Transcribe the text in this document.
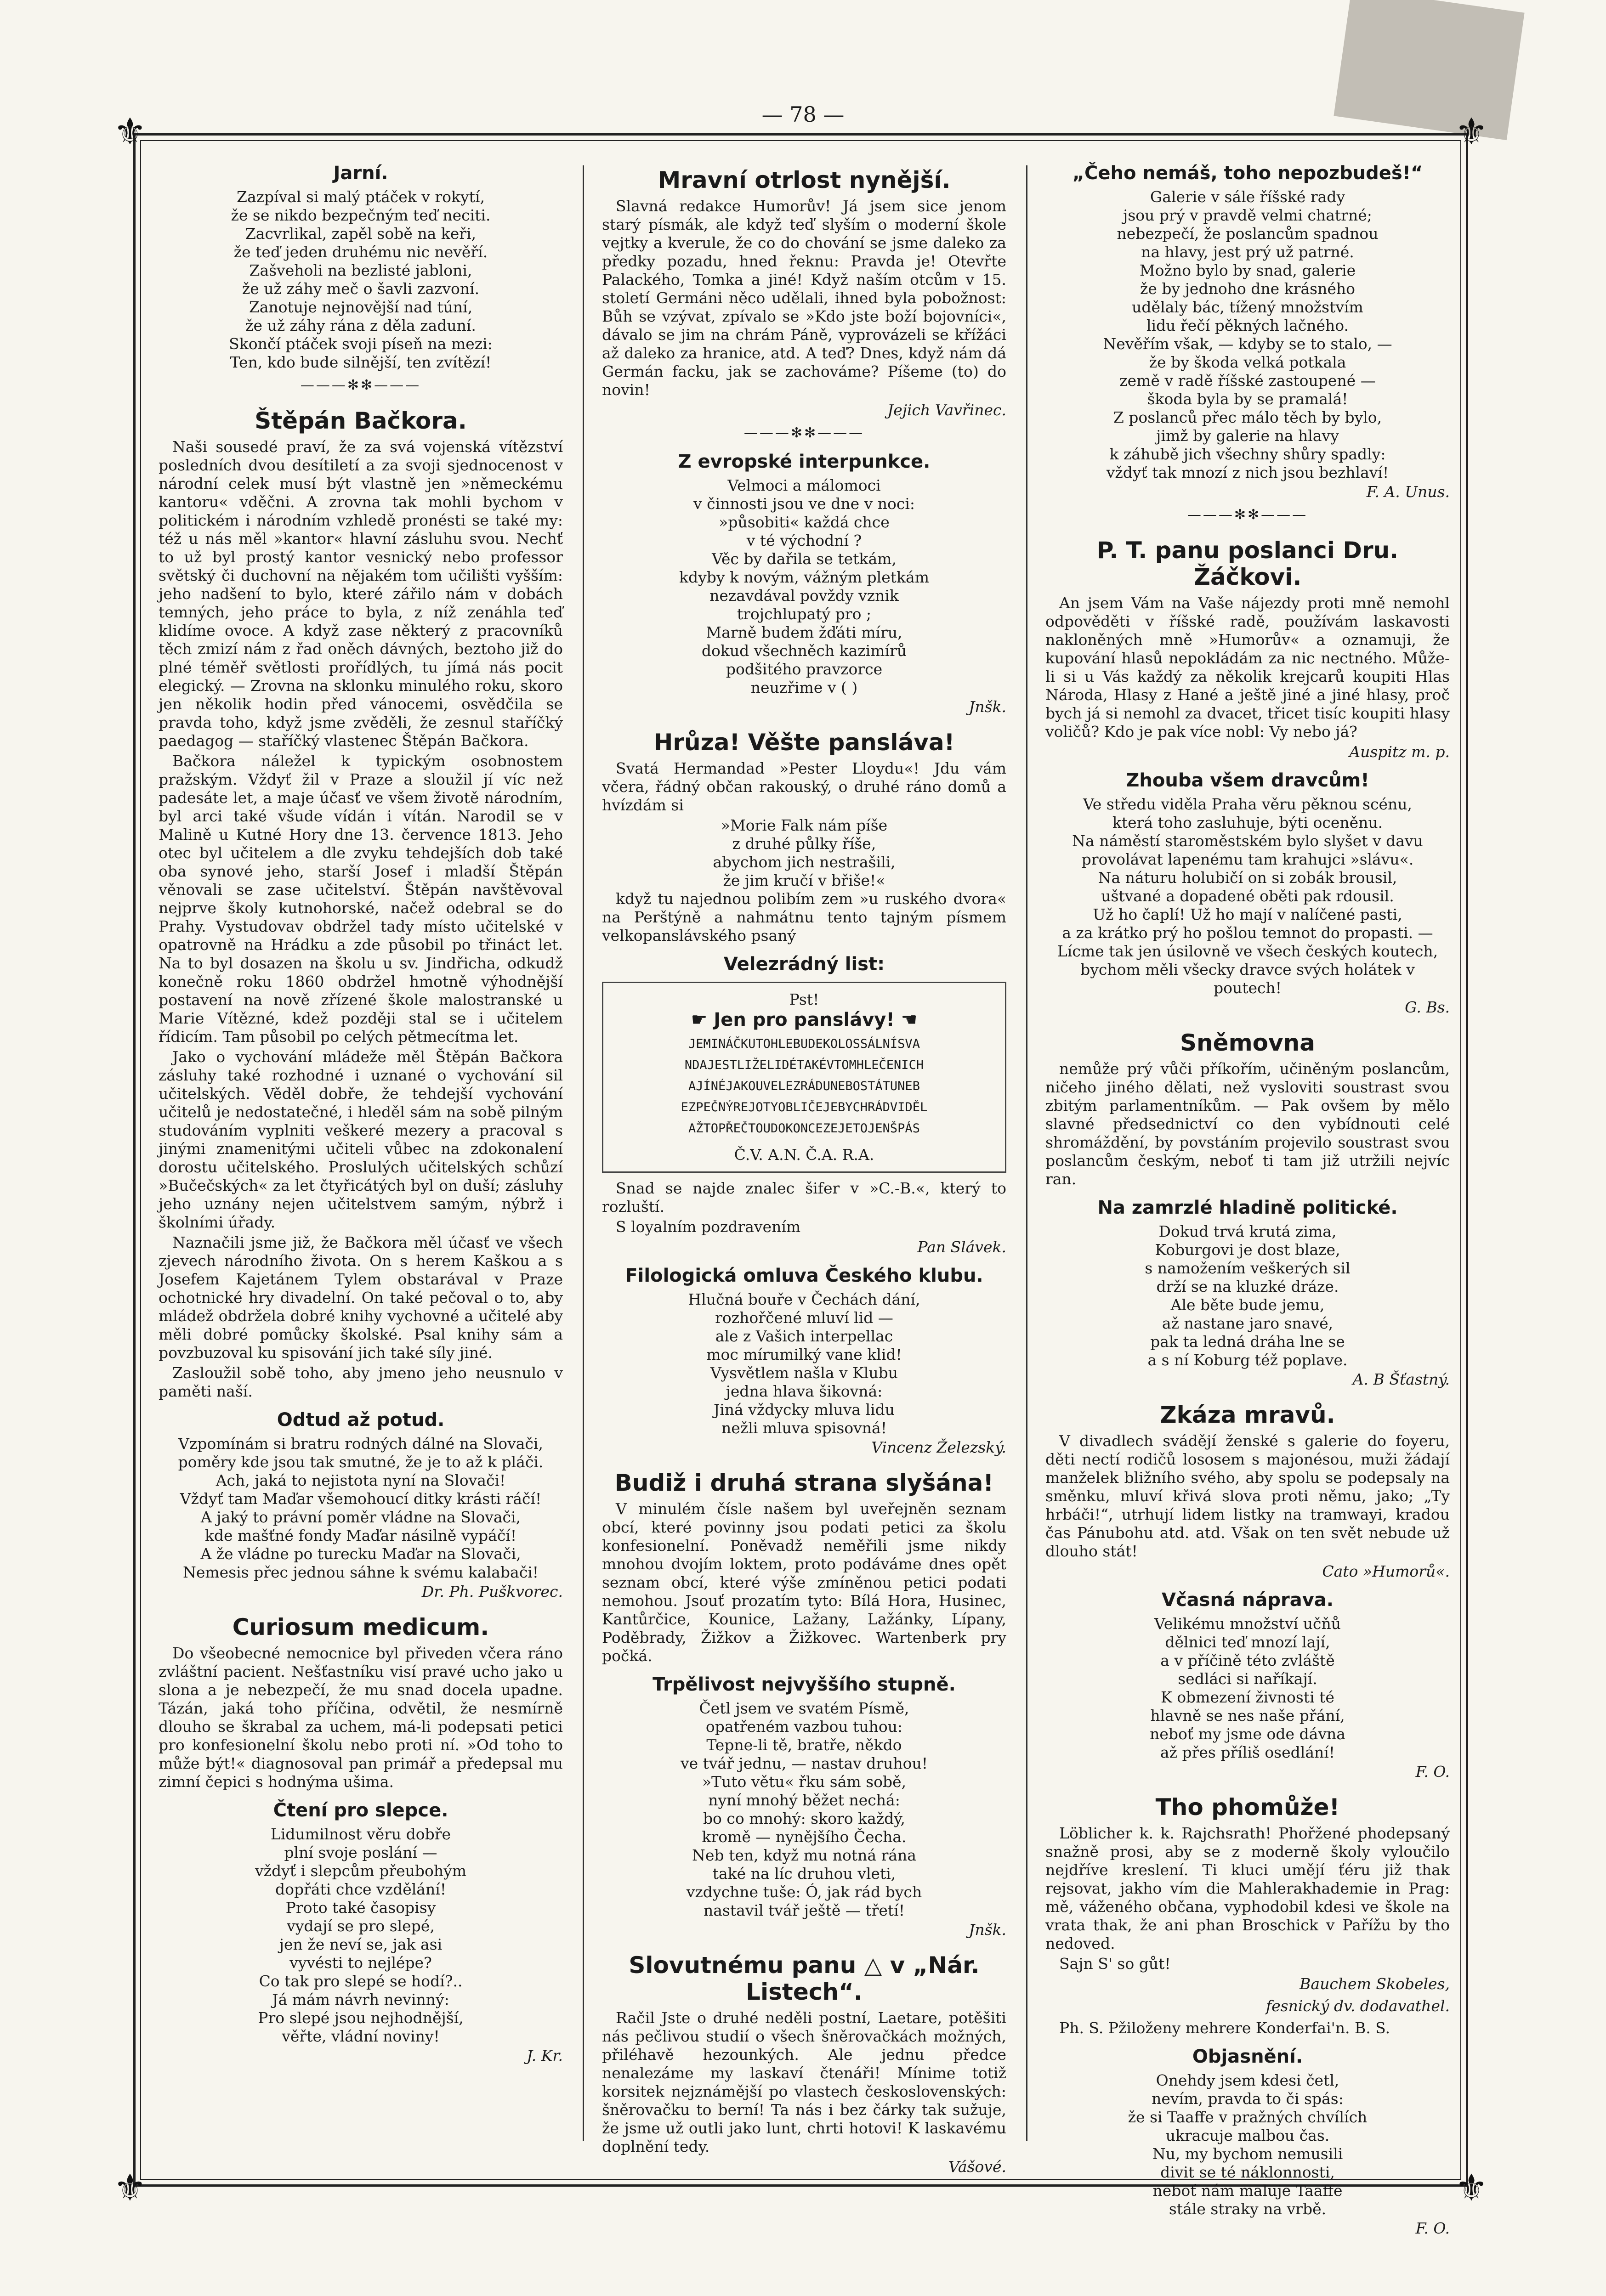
— 78 —
⚜	⚜
⚜	⚜
Jarní.

Zazpíval si malý ptáček v rokytí,

že se nikdo bezpečným teď neciti.

Zacvrlikal, zapěl sobě na keři,

že teď jeden druhému nic nevěří.

Zašveholi na bezlisté jabloni,

že už záhy meč o šavli zazvoní.

Zanotuje nejnovější nad túní,

že už záhy rána z děla zaduní.

Skončí ptáček svoji píseň na mezi:

Ten, kdo bude silnější, ten zvítězí!

———✻✻———
Štěpán Bačkora.

Naši sousedé praví, že za svá vojenská vítězství posledních dvou desítiletí a za svoji sjednocenost v národní celek musí být vlastně jen »německému kantoru« vděčni. A zrovna tak mohli bychom v politickém i národním vzhledě pronésti se také my: též u nás měl »kantor« hlavní zásluhu svou. Nechť to už byl prostý kantor vesnický nebo professor světský či duchovní na nějakém tom učilišti vyšším: jeho nadšení to bylo, které zářilo nám v dobách temných, jeho práce to byla, z níž zenáhla teď klidíme ovoce. A když zase některý z pracovníků těch zmizí nám z řad oněch dávných, beztoho již do plné téměř světlosti prořídlých, tu jímá nás pocit elegický. — Zrovna na sklonku minulého roku, skoro jen několik hodin před vánocemi, osvědčila se pravda toho, když jsme zvěděli, že zesnul staříčký paedagog — staříčký vlastenec Štěpán Bačkora.

Bačkora náležel k typickým osobnostem pražským. Vždyť žil v Praze a sloužil jí víc než padesáte let, a maje účasť ve všem životě národním, byl arci také všude vídán i vítán. Narodil se v Malině u Kutné Hory dne 13. července 1813. Jeho otec byl učitelem a dle zvyku tehdejších dob také oba synové jeho, starší Josef i mladší Štěpán věnovali se zase učitelství. Štěpán navštěvoval nejprve školy kutnohorské, načež odebral se do Prahy. Vystudovav obdržel tady místo učitelské v opatrovně na Hrádku a zde působil po třináct let. Na to byl dosazen na školu u sv. Jindřicha, odkudž konečně roku 1860 obdržel hmotně výhodnější postavení na nově zřízené škole malostranské u Marie Vítězné, kdež později stal se i učitelem řídicím. Tam působil po celých pětmecítma let.

Jako o vychování mládeže měl Štěpán Bačkora zásluhy také rozhodné i uznané o vychování sil učitelských. Věděl dobře, že tehdejší vychování učitelů je nedostatečné, i hleděl sám na sobě pilným studováním vyplniti veškeré mezery a pracoval s jinými znamenitými učiteli vůbec na zdokonalení dorostu učitelského. Proslulých učitelských schůzí »Bučečských« za let čtyřicátých byl on duší; zásluhy jeho uznány nejen učitelstvem samým, nýbrž i školními úřady.

Naznačili jsme již, že Bačkora měl účasť ve všech zjevech národního života. On s herem Kaškou a s Josefem Kajetánem Tylem obstarával v Praze ochotnické hry divadelní. On také pečoval o to, aby mládež obdržela dobré knihy vychovné a učitelé aby měli dobré pomůcky školské. Psal knihy sám a povzbuzoval ku spisování jich také síly jiné.

Zasloužil sobě toho, aby jmeno jeho neusnulo v paměti naší.

Odtud až potud.

Vzpomínám si bratru rodných dálné na Slovači,

poměry kde jsou tak smutné, že je to až k pláči.

Ach, jaká to nejistota nyní na Slovači!

Vždyť tam Maďar všemohoucí ditky krásti ráčí!

A jaký to právní poměr vládne na Slovači,

kde mašťné fondy Maďar násilně vypáčí!

A že vládne po turecku Maďar na Slovači,

Nemesis přec jednou sáhne k svému kalabači!

Dr. Ph. Puškvorec.
Curiosum medicum.

Do všeobecné nemocnice byl přiveden včera ráno zvláštní pacient. Nešťastníku visí pravé ucho jako u slona a je nebezpečí, že mu snad docela upadne. Tázán, jaká toho příčina, odvětil, že nesmírně dlouho se škrabal za uchem, má-li podepsati petici pro konfesionelní školu nebo proti ní. »Od toho to může být!« diagnosoval pan primář a předepsal mu zimní čepici s hodnýma ušima.

Čtení pro slepce.

Lidumilnost věru dobře

plní svoje poslání —

vždyť i slepcům přeubohým

dopřáti chce vzdělání!

Proto také časopisy

vydají se pro slepé,

jen že neví se, jak asi

vyvésti to nejlépe?

Co tak pro slepé se hodí?..

Já mám návrh nevinný:

Pro slepé jsou nejhodnější,

věřte, vládní noviny!

J. Kr.
Mravní otrlost nynější.

Slavná redakce Humorův! Já jsem sice jenom starý písmák, ale když teď slyším o moderní škole vejtky a kverule, že co do chování se jsme daleko za předky pozadu, hned řeknu: Pravda je! Otevřte Palackého, Tomka a jiné! Když naším otcům v 15. století Germáni něco udělali, ihned byla pobožnost: Bůh se vzývat, zpívalo se »Kdo jste boží bojovníci«, dávalo se jim na chrám Páně, vyprovázeli se křížáci až daleko za hranice, atd. A teď? Dnes, když nám dá Germán facku, jak se zachováme? Píšeme (to) do novin!

Jejich Vavřinec.
———✻✻———
Z evropské interpunkce.

Velmoci a málomoci

v činnosti jsou ve dne v noci:

»působiti« každá chce

v té východní ?

Věc by dařila se tetkám,

kdyby k novým, vážným pletkám

nezavdával povždy vznik

trojchlupatý pro ;

Marně budem žďáti míru,

dokud všechněch kazimírů

podšitého pravzorce

neuzřime v ( )

Jnšk.
Hrůza! Věšte panslávа!

Svatá Hermandad »Pester Lloydu«! Jdu vám včera, řádný občan rakouský, o druhé ráno domů a hvízdám si

»Morie Falk nám píše

z druhé půlky říše,

abychom jich nestrašili,

že jim kručí v břiše!«

když tu najednou polibím zem »u ruského dvora« na Perštýně a nahmátnu tento tajným písmem velkopanslávského psaný

Velezrádný list:
Pst!
☛ Jen pro panslávy! ☚
JEMINÁČKUTOHLEBUDEKOLOSSÁLNÍSVA
NDAJESTLIŽELIDÉTAKÉVTOMHLEČENICH
AJÍNÉJAKOUVELEZRÁDUNEBOSTÁTUNEB
EZPEČNÝREJOTYOBLIČEJEBYCHRÁDVIDĚL
AŽTOPŘEČTOUDOKONCEZEJETOJENŠPÁS
Č.V. A.N. Č.A. R.A.

Snad se najde znalec šifer v »C.-B.«, který to rozluští.

S loyalním pozdravením

Pan Slávek.
Filologická omluva Českého klubu.

Hlučná bouře v Čechách dání,

rozhořčené mluví lid —

ale z Vašich interpellac

moc mírumilký vane klid!

Vysvětlem našla v Klubu

jedna hlava šikovná:

Jiná vždycky mluva lidu

nežli mluva spisovná!

Vincenz Železský.
Budiž i druhá strana slyšána!

V minulém čísle našem byl uveřejněn seznam obcí, které povinny jsou podati petici za školu konfesionelní. Poněvadž neměřili jsme nikdy mnohou dvojím loktem, proto podáváme dnes opět seznam obcí, které výše zmíněnou petici podati nemohou. Jsouť prozatím tyto: Bílá Hora, Husinec, Kantůrčice, Kounice, Lažany, Lažánky, Lípany, Poděbrady, Žižkov a Žižkovec. Wartenberk pry počká.

Trpělivost nejvyššího stupně.

Četl jsem ve svatém Písmě,

opatřeném vazbou tuhou:

Tepne-li tě, bratře, někdo

ve tvář jednu, — nastav druhou!

»Tuto větu« řku sám sobě,

nyní mnohý běžet nechá:

bo co mnohý: skoro každý,

kromě — nynějšího Čecha.

Neb ten, když mu notná rána

také na líc druhou vleti,

vzdychne tuše: Ó, jak rád bych

nastavil tvář ještě — třetí!

Jnšk.
Slovutnému panu △ v „Nár. Listech“.

Račil Jste o druhé neděli postní, Laetare, potěšiti nás pečlivou studií o všech šněrovačkách možných, přiléhavě hezounkých. Ale jednu předce nenalezáme my laskaví čtenáři! Mínime totiž korsitek nejznámější po vlastech československých: šněrovačku to berní! Ta nás i bez čárky tak sužuje, že jsme už outli jako lunt, chrti hotovi! K laskavému doplnění tedy.

Vášové.
„Čeho nemáš, toho nepozbudeš!“

Galerie v sále říšské rady

jsou prý v pravdě velmi chatrné;

nebezpečí, že poslancům spadnou

na hlavy, jest prý už patrné.

Možno bylo by snad, galerie

že by jednoho dne krásného

udělaly bác, tížený množstvím

lidu řečí pěkných lačného.

Nevěřím však, — kdyby se to stalo, —

že by škoda velká potkala

země v radě říšské zastoupené —

škoda byla by se pramalá!

Z poslanců přec málo těch by bylo,

jimž by galerie na hlavy

k záhubě jich všechny shůry spadly:

vždyť tak mnozí z nich jsou bezhlaví!

F. A. Unus.
———✻✻———
P. T. panu poslanci Dru. Žáčkovi.

An jsem Vám na Vaše nájezdy proti mně nemohl odpověděti v říšské radě, používám laskavosti nakloněných mně »Humorův« a oznamuji, že kupování hlasů nepokládám za nic nectného. Může-li si u Vás každý za několik krejcarů koupiti Hlas Národa, Hlasy z Hané a ještě jiné a jiné hlasy, proč bych já si nemohl za dvacet, třicet tisíc koupiti hlasy voličů? Kdo je pak více nobl: Vy nebo já?

Auspitz m. p.
Zhouba všem dravcům!

Ve středu viděla Praha věru pěknou scénu,

která toho zasluhuje, býti oceněnu.

Na náměstí staroměstském bylo slyšet v davu

provolávat lapenému tam krahujci »slávu«.

Na náturu holubičí on si zobák brousil,

uštvané a dopadené oběti pak rdousil.

Už ho čaplí! Už ho mají v nalíčené pasti,

a za krátko prý ho pošlou temnot do propasti. —

Lícme tak jen úsilovně ve všech českých koutech,

bychom měli všecky dravce svých holátek v poutech!

G. Bs.
Sněmovna

nemůže prý vůči příkořím, učiněným poslancům, ničeho jiného dělati, než vysloviti soustrast svou zbitým parlamentníkům. — Pak ovšem by mělo slavné předsednictví co den vybídnouti celé shromáždění, by povstáním projevilo soustrast svou poslancům českým, neboť ti tam již utržili nejvíc ran.

Na zamrzlé hladině politické.

Dokud trvá krutá zima,

Koburgovi je dost blaze,

s namožením veškerých sil

drží se na kluzké dráze.

Ale běte bude jemu,

až nastane jaro snavé,

pak ta ledná dráha lne se

a s ní Koburg též poplave.

A. B Šťastný.
Zkáza mravů.

V divadlech svádějí ženské s galerie do foyeru, děti nectí rodičů lososem s majonésou, muži žádají manželek bližního svého, aby spolu se podepsaly na směnku, mluví křivá slova proti němu, jako; „Ty hrbáči!“, utrhují lidem listky na tramwayi, kradou čas Pánubohu atd. atd. Však on ten svět nebude už dlouho stát!

Cato »Humorů«.
Včasná náprava.

Velikému množství učňů

dělnici teď mnozí lají,

a v příčině této zvláště

sedláci si naříkají.

K obmezení živnosti té

hlavně se nes naše přání,

neboť my jsme ode dávna

až přes příliš osedlání!

F. O.
Tho phomůže!

Löblicher k. k. Rajchsrath! Phořžené phodepsaný snažně prosi, aby se z moderně školy vyloučilo nejdříve kreslení. Ti kluci umějí ťéru již thak rejsovat, jakho vím die Mahlerakhademie in Prag: mě, váženého občana, vyphodobil kdesi ve škole na vrata thak, že ani phan Broschick v Pařížu by tho nedoved.

Sajn S' so gůt!

Bauchem Skobeles,
fesnický dv. dodavathel.

Ph. S. Pžiloženy mehrere Konderfai'n. B. S.

Objasnění.

Onehdy jsem kdesi četl,

nevím, pravda to či spás:

že si Taaffe v pražných chvílích

ukracuje malbou čas.

Nu, my bychom nemusili

divit se té náklonnosti,

neboť nám maluje Taaffe

stále straky na vrbě.

F. O.
